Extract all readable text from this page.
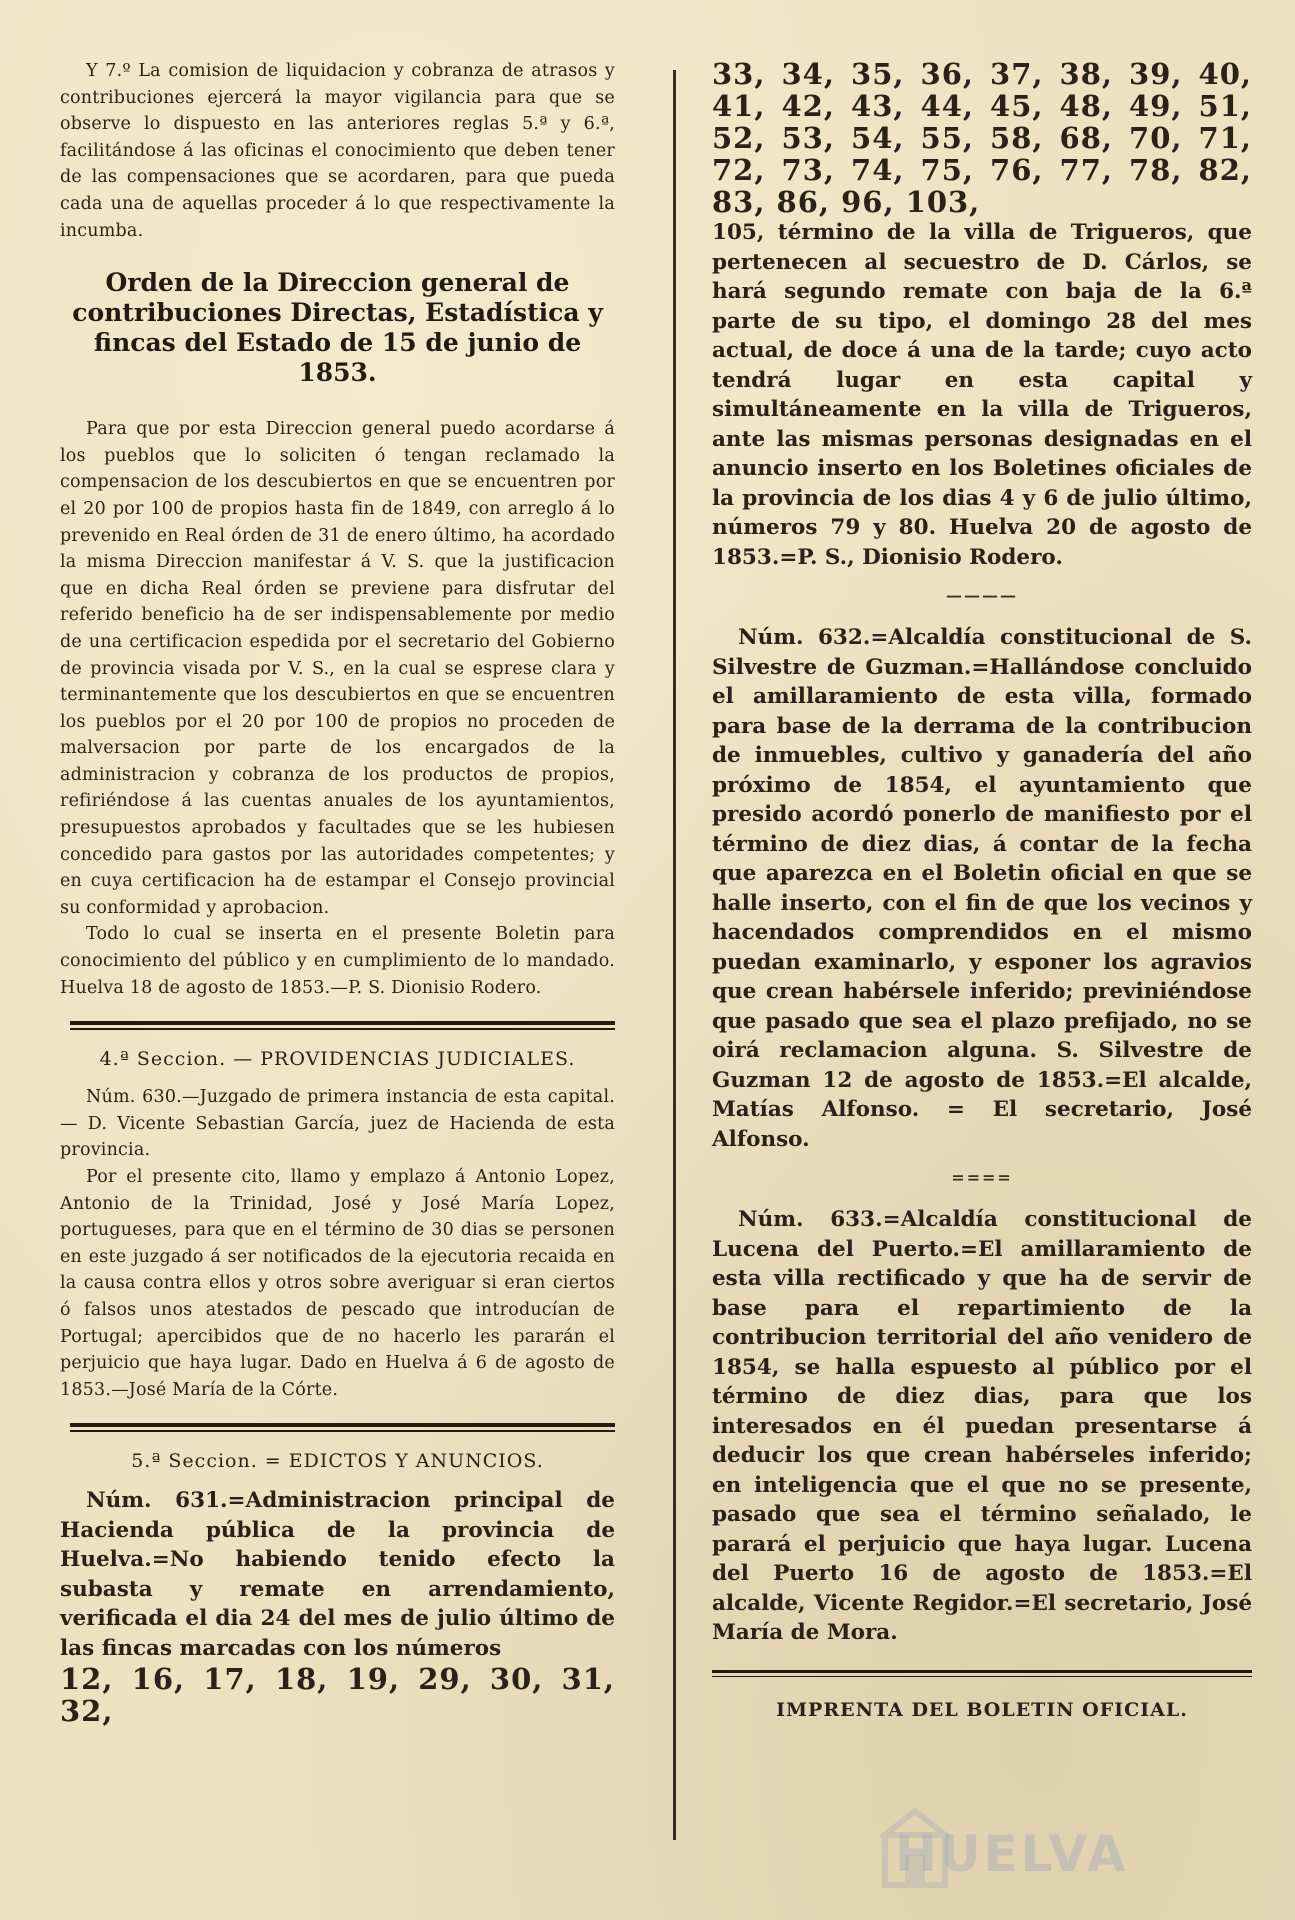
Y 7.º La comision de liquidacion y cobranza de atrasos y contribuciones ejercerá la mayor vigilancia para que se observe lo dispuesto en las anteriores reglas 5.ª y 6.ª, facilitándose á las oficinas el conocimiento que deben tener de las compensaciones que se acordaren, para que pueda cada una de aquellas proceder á lo que respectivamente la incumba.

Orden de la Direccion general de contribuciones Directas, Estadística y fincas del Estado de 15 de junio de 1853.

Para que por esta Direccion general puedo acordarse á los pueblos que lo soliciten ó tengan reclamado la compensacion de los descubiertos en que se encuentren por el 20 por 100 de propios hasta fin de 1849, con arreglo á lo prevenido en Real órden de 31 de enero último, ha acordado la misma Direccion manifestar á V. S. que la justificacion que en dicha Real órden se previene para disfrutar del referido beneficio ha de ser indispensablemente por medio de una certificacion espedida por el secretario del Gobierno de provincia visada por V. S., en la cual se esprese clara y terminantemente que los descubiertos en que se encuentren los pueblos por el 20 por 100 de propios no proceden de malversacion por parte de los encargados de la administracion y cobranza de los productos de propios, refiriéndose á las cuentas anuales de los ayuntamientos, presupuestos aprobados y facultades que se les hubiesen concedido para gastos por las autoridades competentes; y en cuya certificacion ha de estampar el Consejo provincial su conformidad y aprobacion.

Todo lo cual se inserta en el presente Boletin para conocimiento del público y en cumplimiento de lo mandado. Huelva 18 de agosto de 1853.—P. S. Dionisio Rodero.

4.ª Seccion. — PROVIDENCIAS JUDICIALES.

Núm. 630.—Juzgado de primera instancia de esta capital. — D. Vicente Sebastian García, juez de Hacienda de esta provincia.

Por el presente cito, llamo y emplazo á Antonio Lopez, Antonio de la Trinidad, José y José María Lopez, portugueses, para que en el término de 30 dias se personen en este juzgado á ser notificados de la ejecutoria recaida en la causa contra ellos y otros sobre averiguar si eran ciertos ó falsos unos atestados de pescado que introducían de Portugal; apercibidos que de no hacerlo les pararán el perjuicio que haya lugar. Dado en Huelva á 6 de agosto de 1853.—José María de la Córte.

5.ª Seccion. = EDICTOS Y ANUNCIOS.

Núm. 631.=Administracion principal de Hacienda pública de la provincia de Huelva.=No habiendo tenido efecto la subasta y remate en arrendamiento, verificada el dia 24 del mes de julio último de las fincas marcadas con los números

12, 16, 17, 18, 19, 29, 30, 31, 32,

33, 34, 35, 36, 37, 38, 39, 40, 41, 42, 43, 44, 45, 48, 49, 51, 52, 53, 54, 55, 58, 68, 70, 71, 72, 73, 74, 75, 76, 77, 78, 82, 83, 86, 96, 103,

105, término de la villa de Trigueros, que pertenecen al secuestro de D. Cárlos, se hará segundo remate con baja de la 6.ª parte de su tipo, el domingo 28 del mes actual, de doce á una de la tarde; cuyo acto tendrá lugar en esta capital y simultáneamente en la villa de Trigueros, ante las mismas personas designadas en el anuncio inserto en los Boletines oficiales de la provincia de los dias 4 y 6 de julio último, números 79 y 80. Huelva 20 de agosto de 1853.=P. S., Dionisio Rodero.

————

Núm. 632.=Alcaldía constitucional de S. Silvestre de Guzman.=Hallándose concluido el amillaramiento de esta villa, formado para base de la derrama de la contribucion de inmuebles, cultivo y ganadería del año próximo de 1854, el ayuntamiento que presido acordó ponerlo de manifiesto por el término de diez dias, á contar de la fecha que aparezca en el Boletin oficial en que se halle inserto, con el fin de que los vecinos y hacendados comprendidos en el mismo puedan examinarlo, y esponer los agravios que crean habérsele inferido; previniéndose que pasado que sea el plazo prefijado, no se oirá reclamacion alguna. S. Silvestre de Guzman 12 de agosto de 1853.=El alcalde, Matías Alfonso. = El secretario, José Alfonso.

====

Núm. 633.=Alcaldía constitucional de Lucena del Puerto.=El amillaramiento de esta villa rectificado y que ha de servir de base para el repartimiento de la contribucion territorial del año venidero de 1854, se halla espuesto al público por el término de diez dias, para que los interesados en él puedan presentarse á deducir los que crean habérseles inferido; en inteligencia que el que no se presente, pasado que sea el término señalado, le parará el perjuicio que haya lugar. Lucena del Puerto 16 de agosto de 1853.=El alcalde, Vicente Regidor.=El secretario, José María de Mora.

IMPRENTA DEL BOLETIN OFICIAL.
HUELVA
